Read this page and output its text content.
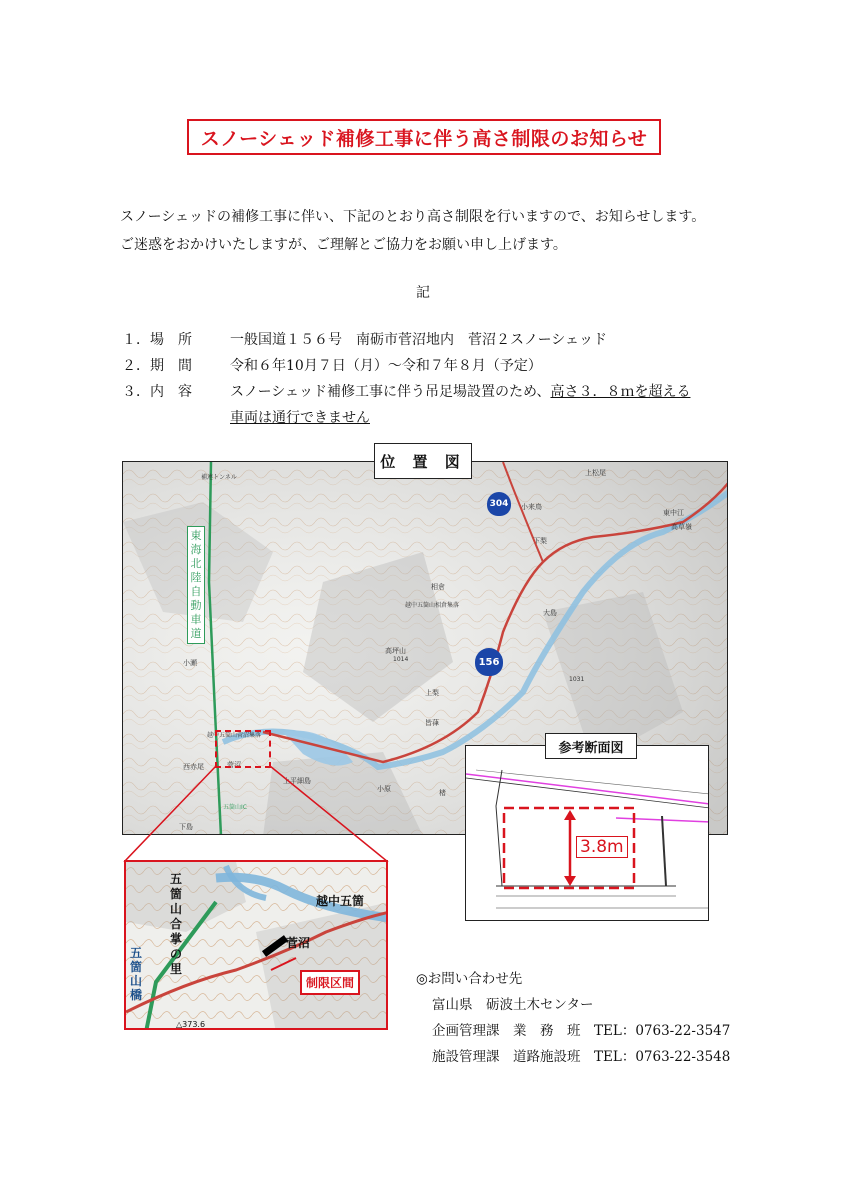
スノーシェッド補修工事に伴う高さ制限のお知らせ
スノーシェッドの補修工事に伴い、下記のとおり高さ制限を行いますので、お知らせします。
ご迷惑をおかけいたしますが、ご理解とご協力をお願い申し上げます。
記
１．場　所	一般国道１５６号　南砺市菅沼地内　菅沼２スノーシェッド
２．期　間	令和６年10月７日（月）～令和７年８月（予定）
３．内　容	スノーシェッド補修工事に伴う吊足場設置のため、高さ３．８ｍを超える
車両は通行できません
位 置 図
東海北陸自動車道
304
156
上松尾
小来鳥
下梨
東中江
高草嶺
相倉
大島
越中五箇山相倉集落
高坪山
上梨
皆葎
越中五箇山菅沼集落
菅沼
上平細島
小原	楮
西赤尾
五箇山IC
下島
補連トンネル
小瀬	1014
1031
越中五箇
菅沼
五箇山合掌の里
五箇山橋
制限区間
△373.6
参考断面図
3.8m
◎お問い合わせ先
富山県　砺波土木センター
企画管理課　業　務　班　TEL：0763-22-3547
施設管理課　道路施設班　TEL：0763-22-3548
